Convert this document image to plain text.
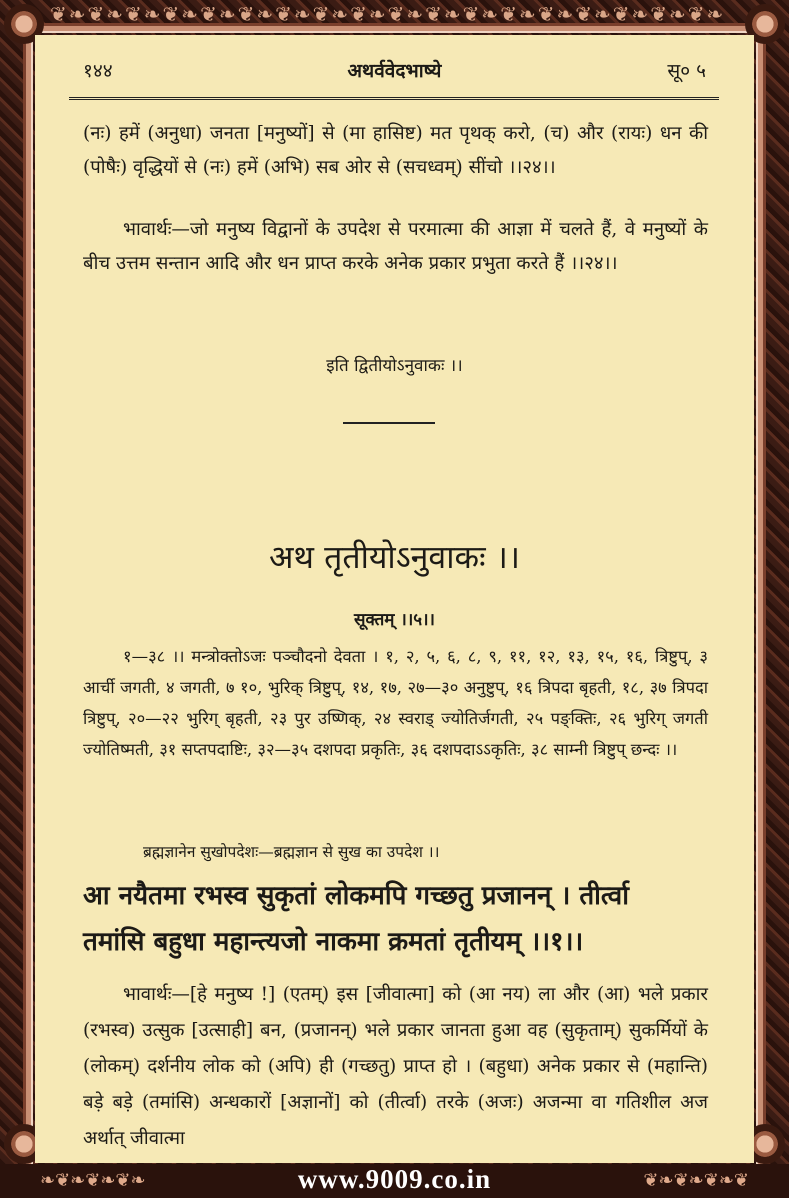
❦❧❦❧❦❧❦❧❦❧❦❧❦❧❦❧❦❧❦❧❦❧❦❧❦❧❦❧❦❧❦❧❦❧❦❧
अथर्ववेदभाष्ये
१४४	सू० ५
(नः) हमें (अनुधा) जनता [मनुष्यों] से (मा हासिष्ट) मत पृथक् करो, (च) और (रायः) धन की (पोषैः) वृद्धियों से (नः) हमें (अभि) सब ओर से (सचध्वम्) सींचो ।।२४।।
भावार्थः—जो मनुष्य विद्वानों के उपदेश से परमात्मा की आज्ञा में चलते हैं, वे मनुष्यों के बीच उत्तम सन्तान आदि और धन प्राप्त करके अनेक प्रकार प्रभुता करते हैं ।।२४।।
इति द्वितीयोऽनुवाकः ।।
अथ तृतीयोऽनुवाकः ।।
सूक्तम् ।।५।।
१—३८ ।। मन्त्रोक्तोऽजः पञ्चौदनो देवता । १, २, ५, ६, ८, ९, ११, १२, १३, १५, १६, त्रिष्टुप्, ३ आर्ची जगती, ४ जगती, ७ १०, भुरिक् त्रिष्टुप्, १४, १७, २७—३० अनुष्टुप्, १६ त्रिपदा बृहती, १८, ३७ त्रिपदा त्रिष्टुप्, २०—२२ भुरिग् बृहती, २३ पुर उष्णिक्, २४ स्वराड् ज्योतिर्जगती, २५ पङ्क्तिः, २६ भुरिग् जगती ज्योतिष्मती, ३१ सप्तपदाष्टिः, ३२—३५ दशपदा प्रकृतिः, ३६ दशपदाऽऽकृतिः, ३८ साम्नी त्रिष्टुप् छन्दः ।।
ब्रह्मज्ञानेन सुखोपदेशः—ब्रह्मज्ञान से सुख का उपदेश ।।
आ नयैतमा रभस्व सुकृतां लोकमपि गच्छतु प्रजानन् । तीर्त्वा
तमांसि बहुधा महान्त्यजो नाकमा क्रमतां तृतीयम् ।।१।।
भावार्थः—[हे मनुष्य !] (एतम्) इस [जीवात्मा] को (आ नय) ला और (आ) भले प्रकार (रभस्व) उत्सुक [उत्साही] बन, (प्रजानन्) भले प्रकार जानता हुआ वह (सुकृताम्) सुकर्मियों के (लोकम्) दर्शनीय लोक को (अपि) ही (गच्छतु) प्राप्त हो । (बहुधा) अनेक प्रकार से (महान्ति) बड़े बड़े (तमांसि) अन्धकारों [अज्ञानों] को (तीर्त्वा) तरके (अजः) अजन्मा वा गतिशील अज अर्थात् जीवात्मा
❧❦❧❦❧❦❧	❦❧❦❧❦❧❦
www.9009.co.in
